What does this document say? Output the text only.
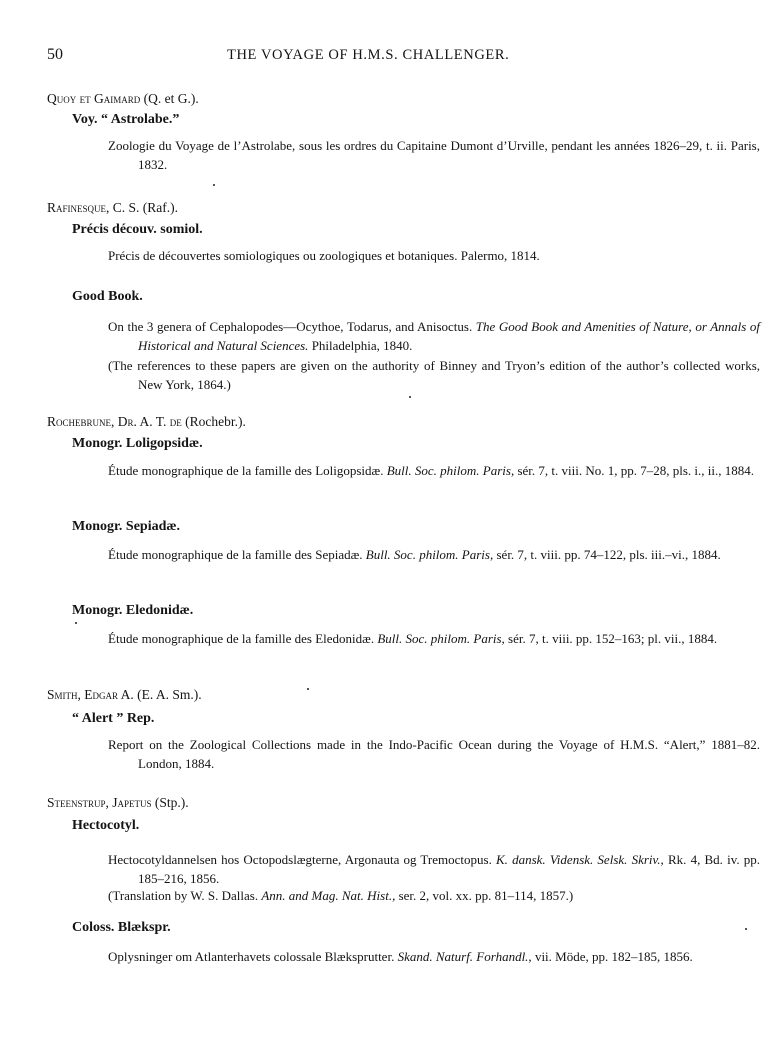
50	THE VOYAGE OF H.M.S. CHALLENGER.
Quoy et Gaimard (Q. et G.).
Voy. “ Astrolabe.”
Zoologie du Voyage de l’Astrolabe, sous les ordres du Capitaine Dumont d’Urville, pendant les années 1826–29, t. ii. Paris, 1832.
Rafinesque, C. S. (Raf.).
Précis découv. somiol.
Précis de découvertes somiologiques ou zoologiques et botaniques. Palermo, 1814.
Good Book.
On the 3 genera of Cephalopodes—Ocythoe, Todarus, and Anisoctus. The Good Book and Amenities of Nature, or Annals of Historical and Natural Sciences. Philadelphia, 1840.
(The references to these papers are given on the authority of Binney and Tryon’s edition of the author’s collected works, New York, 1864.)
Rochebrune, Dr. A. T. de (Rochebr.).
Monogr. Loligopsidæ.
Étude monographique de la famille des Loligopsidæ. Bull. Soc. philom. Paris, sér. 7, t. viii. No. 1, pp. 7–28, pls. i., ii., 1884.
Monogr. Sepiadæ.
Étude monographique de la famille des Sepiadæ. Bull. Soc. philom. Paris, sér. 7, t. viii. pp. 74–122, pls. iii.–vi., 1884.
Monogr. Eledonidæ.
Étude monographique de la famille des Eledonidæ. Bull. Soc. philom. Paris, sér. 7, t. viii. pp. 152–163; pl. vii., 1884.
Smith, Edgar A. (E. A. Sm.).
“ Alert ” Rep.
Report on the Zoological Collections made in the Indo-Pacific Ocean during the Voyage of H.M.S. “Alert,” 1881–82. London, 1884.
Steenstrup, Japetus (Stp.).
Hectocotyl.
Hectocotyldannelsen hos Octopodslægterne, Argonauta og Tremoctopus. K. dansk. Vidensk. Selsk. Skriv., Rk. 4, Bd. iv. pp. 185–216, 1856.
(Translation by W. S. Dallas. Ann. and Mag. Nat. Hist., ser. 2, vol. xx. pp. 81–114, 1857.)
Coloss. Blækspr.
Oplysninger om Atlanterhavets colossale Blæksprutter. Skand. Naturf. Forhandl., vii. Möde, pp. 182–185, 1856.
